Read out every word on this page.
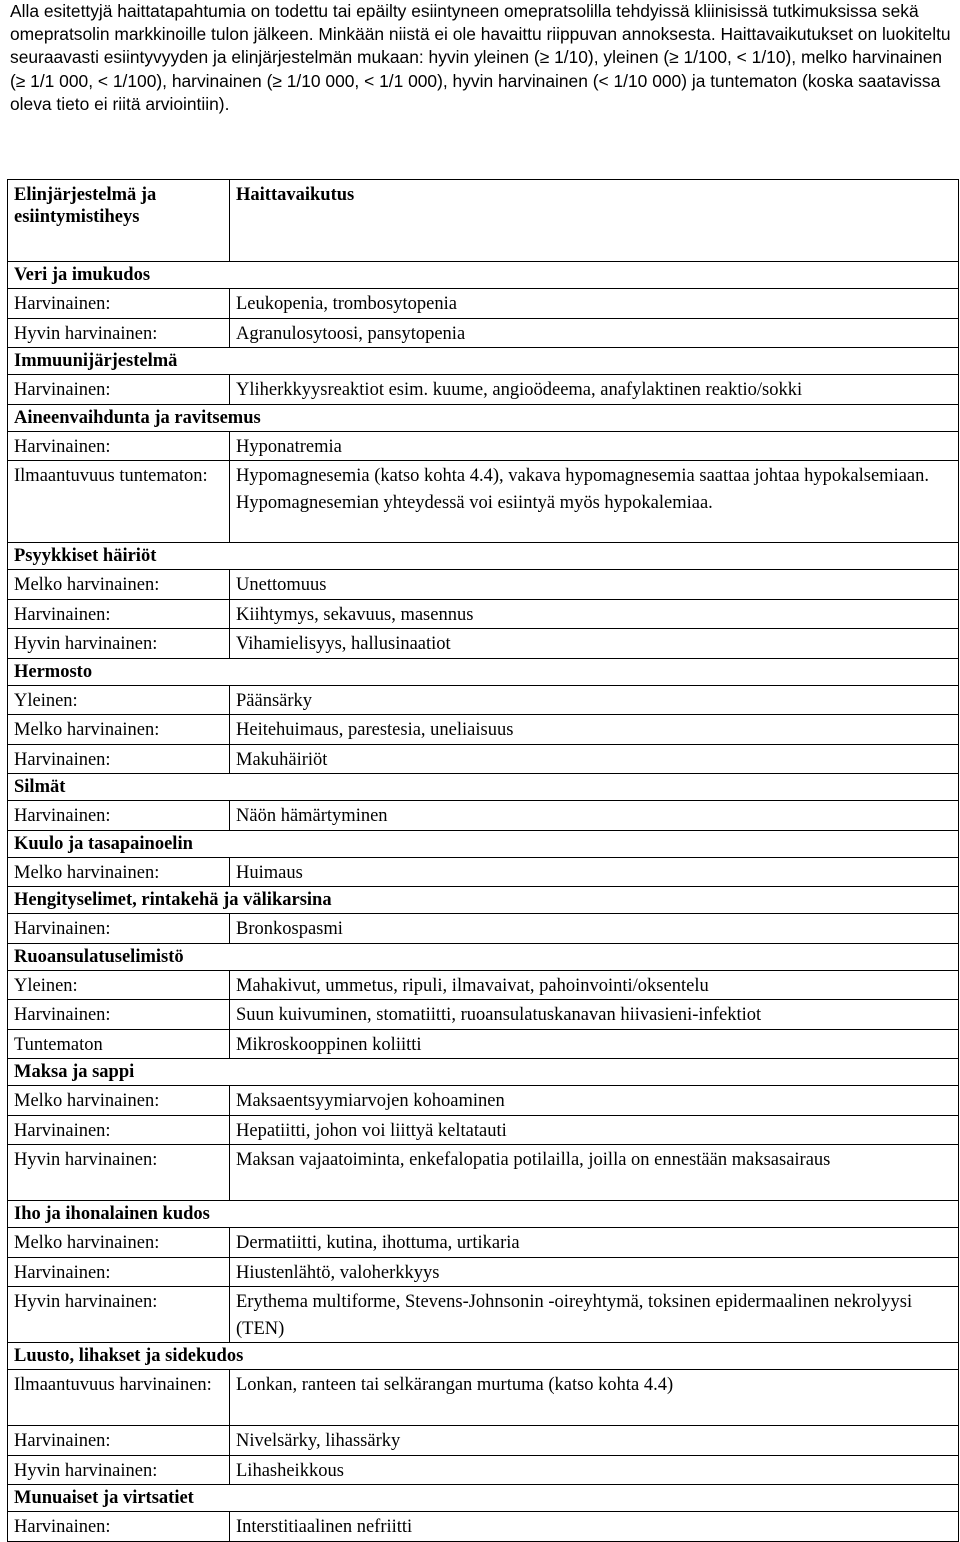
Alla esitettyjä haittatapahtumia on todettu tai epäilty esiintyneen omepratsolilla tehdyissä kliinisissä tutkimuksissa sekä omepratsolin markkinoille tulon jälkeen. Minkään niistä ei ole havaittu riippuvan annoksesta. Haittavaikutukset on luokiteltu seuraavasti esiintyvyyden ja elinjärjestelmän mukaan: hyvin yleinen (≥ 1/10), yleinen (≥ 1/100, < 1/10), melko harvinainen (≥ 1/1 000, < 1/100), harvinainen (≥ 1/10 000, < 1/1 000), hyvin harvinainen (< 1/10 000) ja tuntematon (koska saatavissa oleva tieto ei riitä arviointiin).

Elinjärjestelmä ja esiintymistiheys	Haittavaikutus
Veri ja imukudos	
Harvinainen:	Leukopenia, trombosytopenia

Hyvin harvinainen:	Agranulosytoosi, pansytopenia

Immuunijärjestelmä	
Harvinainen:	Yliherkkyysreaktiot esim. kuume, angioödeema, anafylaktinen reaktio/sokki

Aineenvaihdunta ja ravitsemus	
Harvinainen:	Hyponatremia

Ilmaantuvuus tuntematon:	Hypomagnesemia (katso kohta 4.4), vakava hypomagnesemia saattaa johtaa hypokalsemiaan.
Hypomagnesemian yhteydessä voi esiintyä myös hypokalemiaa.

Psyykkiset häiriöt	
Melko harvinainen:	Unettomuus

Harvinainen:	Kiihtymys, sekavuus, masennus

Hyvin harvinainen:	Vihamielisyys, hallusinaatiot

Hermosto	
Yleinen:	Päänsärky

Melko harvinainen:	Heitehuimaus, parestesia, uneliaisuus

Harvinainen:	Makuhäiriöt

Silmät	
Harvinainen:	Näön hämärtyminen

Kuulo ja tasapainoelin	
Melko harvinainen:	Huimaus

Hengityselimet, rintakehä ja välikarsina	
Harvinainen:	Bronkospasmi

Ruoansulatuselimistö	
Yleinen:	Mahakivut, ummetus, ripuli, ilmavaivat, pahoinvointi/oksentelu

Harvinainen:	Suun kuivuminen, stomatiitti, ruoansulatuskanavan hiivasieni-infektiot

Tuntematon	Mikroskooppinen koliitti

Maksa ja sappi	
Melko harvinainen:	Maksaentsyymiarvojen kohoaminen

Harvinainen:	Hepatiitti, johon voi liittyä keltatauti

Hyvin harvinainen:	Maksan vajaatoiminta, enkefalopatia potilailla, joilla on ennestään maksasairaus

Iho ja ihonalainen kudos	
Melko harvinainen:	Dermatiitti, kutina, ihottuma, urtikaria

Harvinainen:	Hiustenlähtö, valoherkkyys

Hyvin harvinainen:	Erythema multiforme, Stevens-Johnsonin -oireyhtymä, toksinen epidermaalinen nekrolyysi (TEN)

Luusto, lihakset ja sidekudos	
Ilmaantuvuus harvinainen:	Lonkan, ranteen tai selkärangan murtuma (katso kohta 4.4)

Harvinainen:	Nivelsärky, lihassärky

Hyvin harvinainen:	Lihasheikkous

Munuaiset ja virtsatiet	
Harvinainen:	Interstitiaalinen nefriitti
